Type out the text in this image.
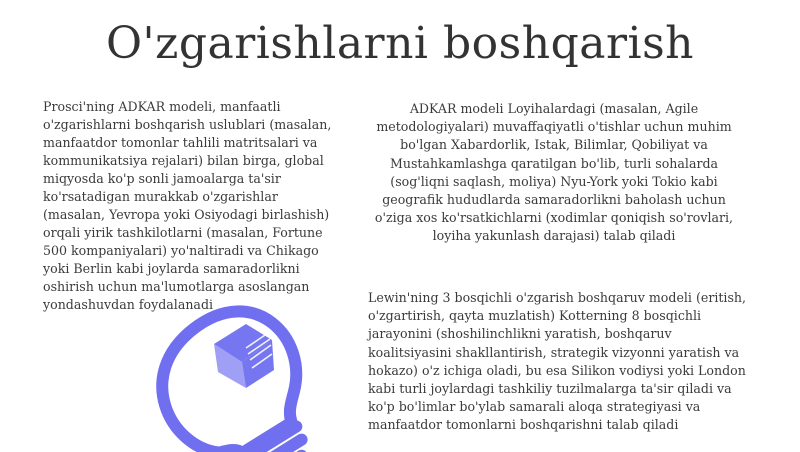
O'zgarishlarni boshqarish
Prosci'ning ADKAR modeli, manfaatli o'zgarishlarni boshqarish uslublari (masalan, manfaatdor tomonlar tahlili matritsalari va kommunikatsiya rejalari) bilan birga, global miqyosda ko'p sonli jamoalarga ta'sir ko'rsatadigan murakkab o'zgarishlar (masalan, Yevropa yoki Osiyodagi birlashish) orqali yirik tashkilotlarni (masalan, Fortune 500 kompaniyalari) yo'naltiradi va Chikago yoki Berlin kabi joylarda samaradorlikni oshirish uchun ma'lumotlarga asoslangan yondashuvdan foydalanadi
ADKAR modeli Loyihalardagi (masalan, Agile metodologiyalari) muvaffaqiyatli o'tishlar uchun muhim bo'lgan Xabardorlik, Istak, Bilimlar, Qobiliyat va Mustahkamlashga qaratilgan bo'lib, turli sohalarda (sog'liqni saqlash, moliya) Nyu-York yoki Tokio kabi geografik hududlarda samaradorlikni baholash uchun o'ziga xos ko'rsatkichlarni (xodimlar qoniqish so'rovlari, loyiha yakunlash darajasi) talab qiladi
Lewin'ning 3 bosqichli o'zgarish boshqaruv modeli (eritish, o'zgartirish, qayta muzlatish) Kotterning 8 bosqichli jarayonini (shoshilinchlikni yaratish, boshqaruv koalitsiyasini shakllantirish, strategik vizyonni yaratish va hokazo) o'z ichiga oladi, bu esa Silikon vodiysi yoki London kabi turli joylardagi tashkiliy tuzilmalarga ta'sir qiladi va ko'p bo'limlar bo'ylab samarali aloqa strategiyasi va manfaatdor tomonlarni boshqarishni talab qiladi
